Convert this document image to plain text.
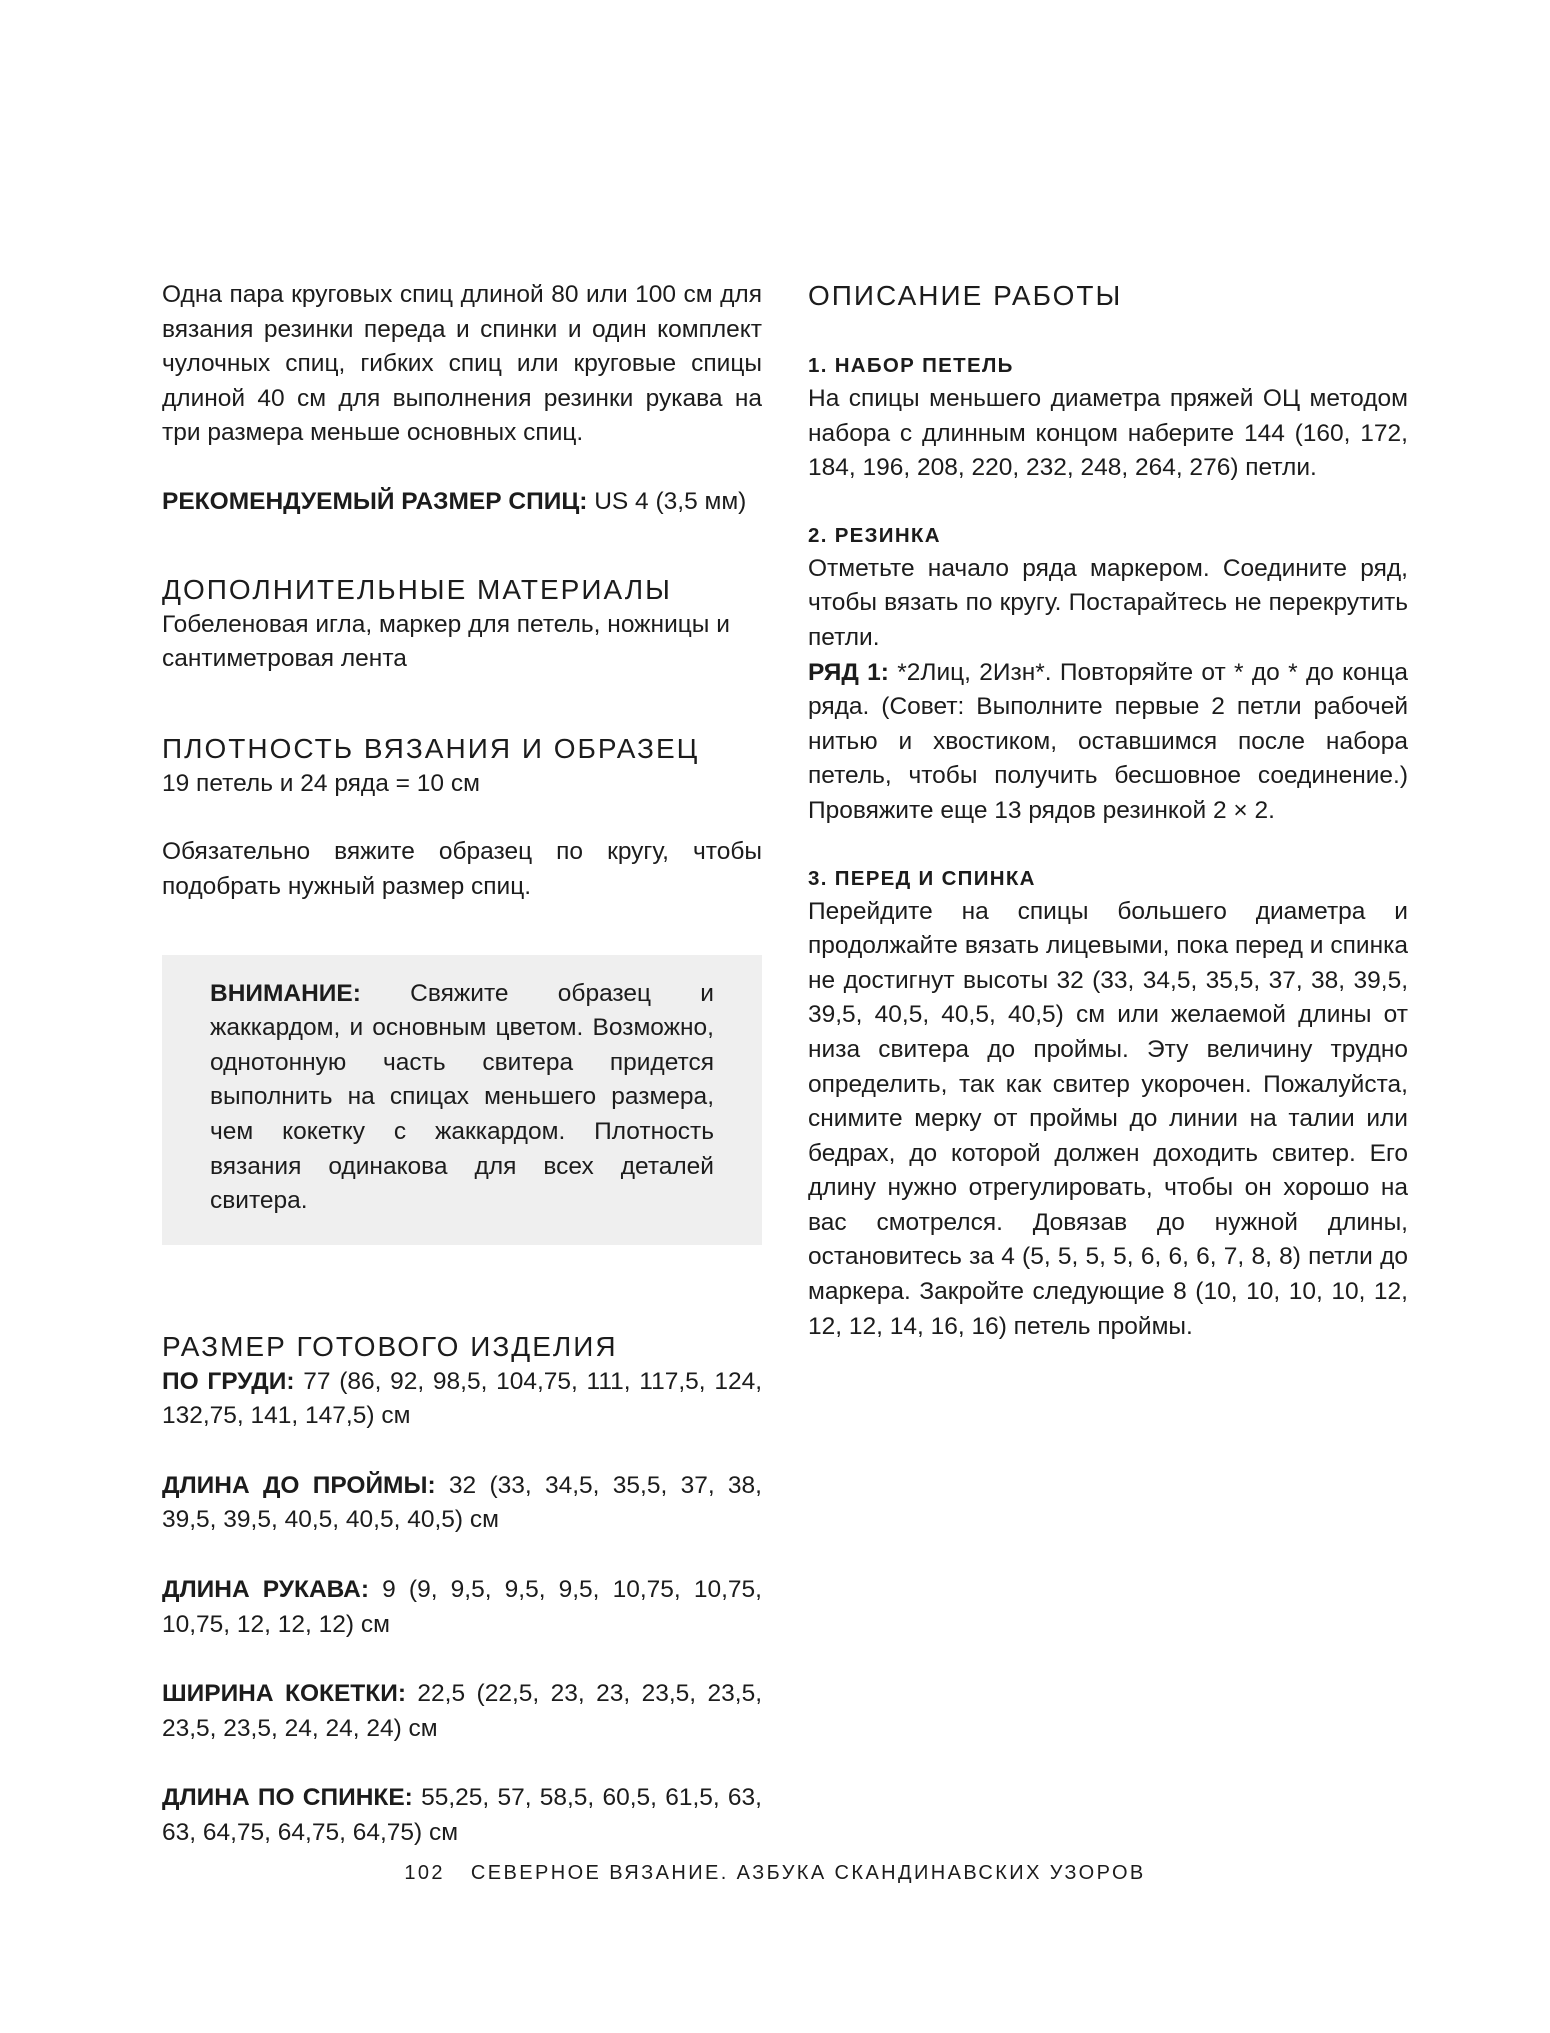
Одна пара круговых спиц длиной 80 или 100 см для вязания резинки переда и спинки и один комплект чулочных спиц, гибких спиц или круговые спицы длиной 40 см для выполнения резинки рукава на три размера меньше основных спиц.

РЕКОМЕНДУЕМЫЙ РАЗМЕР СПИЦ: US 4 (3,5 мм)

ДОПОЛНИТЕЛЬНЫЕ МАТЕРИАЛЫ

Гобеленовая игла, маркер для петель, ножницы и сантиметровая лента

ПЛОТНОСТЬ ВЯЗАНИЯ И ОБРАЗЕЦ

19 петель и 24 ряда = 10 см

Обязательно вяжите образец по кругу, чтобы подобрать нужный размер спиц.

ВНИМАНИЕ: Свяжите образец и жаккардом, и основным цветом. Возможно, однотонную часть свитера придется выполнить на спицах меньшего размера, чем кокетку с жаккардом. Плотность вязания одинакова для всех деталей свитера.

РАЗМЕР ГОТОВОГО ИЗДЕЛИЯ

ПО ГРУДИ: 77 (86, 92, 98,5, 104,75, 111, 117,5, 124, 132,75, 141, 147,5) см

ДЛИНА ДО ПРОЙМЫ: 32 (33, 34,5, 35,5, 37, 38, 39,5, 39,5, 40,5, 40,5, 40,5) см

ДЛИНА РУКАВА: 9 (9, 9,5, 9,5, 9,5, 10,75, 10,75, 10,75, 12, 12, 12) см

ШИРИНА КОКЕТКИ: 22,5 (22,5, 23, 23, 23,5, 23,5, 23,5, 23,5, 24, 24, 24) см

ДЛИНА ПО СПИНКЕ: 55,25, 57, 58,5, 60,5, 61,5, 63, 63, 64,75, 64,75, 64,75) см

ОПИСАНИЕ РАБОТЫ
1. НАБОР ПЕТЕЛЬ

На спицы меньшего диаметра пряжей ОЦ методом набора с длинным концом наберите 144 (160, 172, 184, 196, 208, 220, 232, 248, 264, 276) петли.

2. РЕЗИНКА

Отметьте начало ряда маркером. Соедините ряд, чтобы вязать по кругу. Постарайтесь не перекрутить петли.

РЯД 1: *2Лиц, 2Изн*. Повторяйте от * до * до конца ряда. (Совет: Выполните первые 2 петли рабочей нитью и хвостиком, оставшимся после набора петель, чтобы получить бесшовное соединение.) Провяжите еще 13 рядов резинкой 2 × 2.

3. ПЕРЕД И СПИНКА

Перейдите на спицы большего диаметра и продолжайте вязать лицевыми, пока перед и спинка не достигнут высоты 32 (33, 34,5, 35,5, 37, 38, 39,5, 39,5, 40,5, 40,5, 40,5) см или желаемой длины от низа свитера до проймы. Эту величину трудно определить, так как свитер укорочен. Пожалуйста, снимите мерку от проймы до линии на талии или бедрах, до которой должен доходить свитер. Его длину нужно отрегулировать, чтобы он хорошо на вас смотрелся. Довязав до нужной длины, остановитесь за 4 (5, 5, 5, 5, 6, 6, 6, 7, 8, 8) петли до маркера. Закройте следующие 8 (10, 10, 10, 10, 12, 12, 12, 14, 16, 16) петель проймы.

102 СЕВЕРНОЕ ВЯЗАНИЕ. АЗБУКА СКАНДИНАВСКИХ УЗОРОВ
